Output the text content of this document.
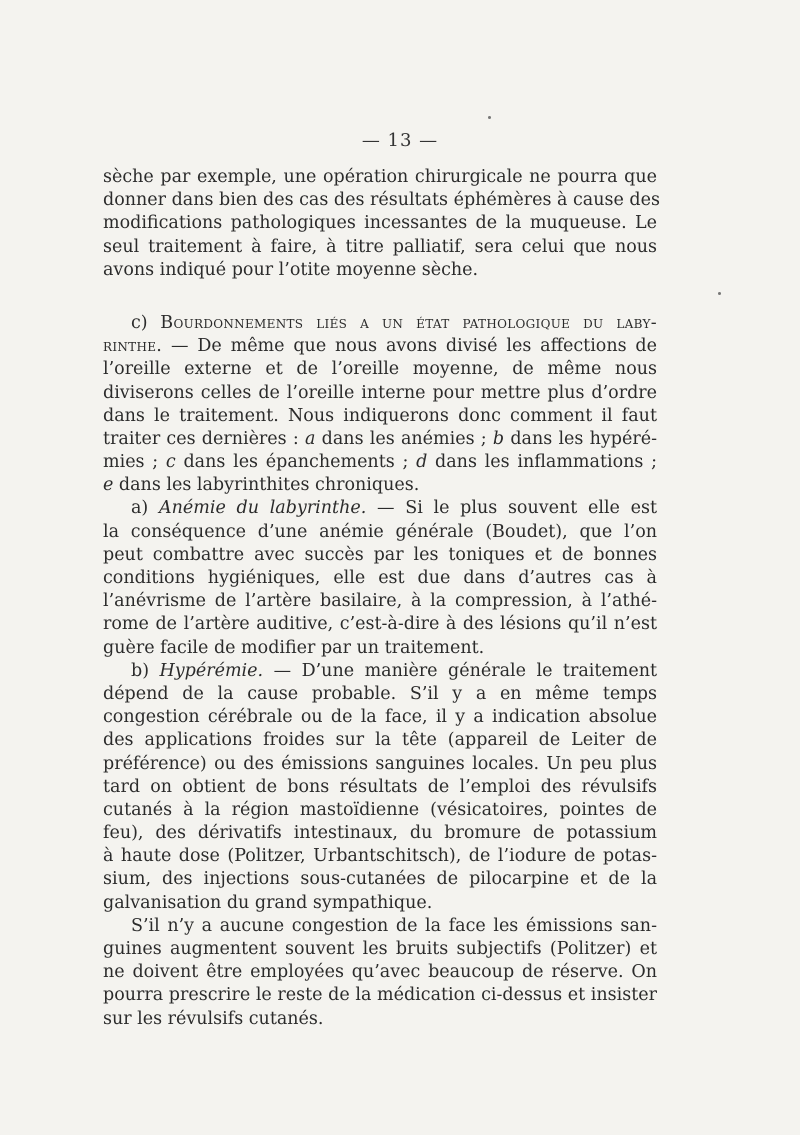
— 13 —
sèche par exemple, une opération chirurgicale ne pourra que
donner dans bien des cas des résultats éphémères à cause des
modifications pathologiques incessantes de la muqueuse. Le
seul traitement à faire, à titre palliatif, sera celui que nous
avons indiqué pour l’otite moyenne sèche.
c) Bourdonnements liés a un état pathologique du laby-
rinthe. — De même que nous avons divisé les affections de
l’oreille externe et de l’oreille moyenne, de même nous
diviserons celles de l’oreille interne pour mettre plus d’ordre
dans le traitement. Nous indiquerons donc comment il faut
traiter ces dernières : a dans les anémies ; b dans les hypéré-
mies ; c dans les épanchements ; d dans les inflammations ;
e dans les labyrinthites chroniques.
a) Anémie du labyrinthe. — Si le plus souvent elle est
la conséquence d’une anémie générale (Boudet), que l’on
peut combattre avec succès par les toniques et de bonnes
conditions hygiéniques, elle est due dans d’autres cas à
l’anévrisme de l’artère basilaire, à la compression, à l’athé-
rome de l’artère auditive, c’est-à-dire à des lésions qu’il n’est
guère facile de modifier par un traitement.
b) Hypérémie. — D’une manière générale le traitement
dépend de la cause probable. S’il y a en même temps
congestion cérébrale ou de la face, il y a indication absolue
des applications froides sur la tête (appareil de Leiter de
préférence) ou des émissions sanguines locales. Un peu plus
tard on obtient de bons résultats de l’emploi des révulsifs
cutanés à la région mastoïdienne (vésicatoires, pointes de
feu), des dérivatifs intestinaux, du bromure de potassium
à haute dose (Politzer, Urbantschitsch), de l’iodure de potas-
sium, des injections sous-cutanées de pilocarpine et de la
galvanisation du grand sympathique.
S’il n’y a aucune congestion de la face les émissions san-
guines augmentent souvent les bruits subjectifs (Politzer) et
ne doivent être employées qu’avec beaucoup de réserve. On
pourra prescrire le reste de la médication ci-dessus et insister
sur les révulsifs cutanés.
